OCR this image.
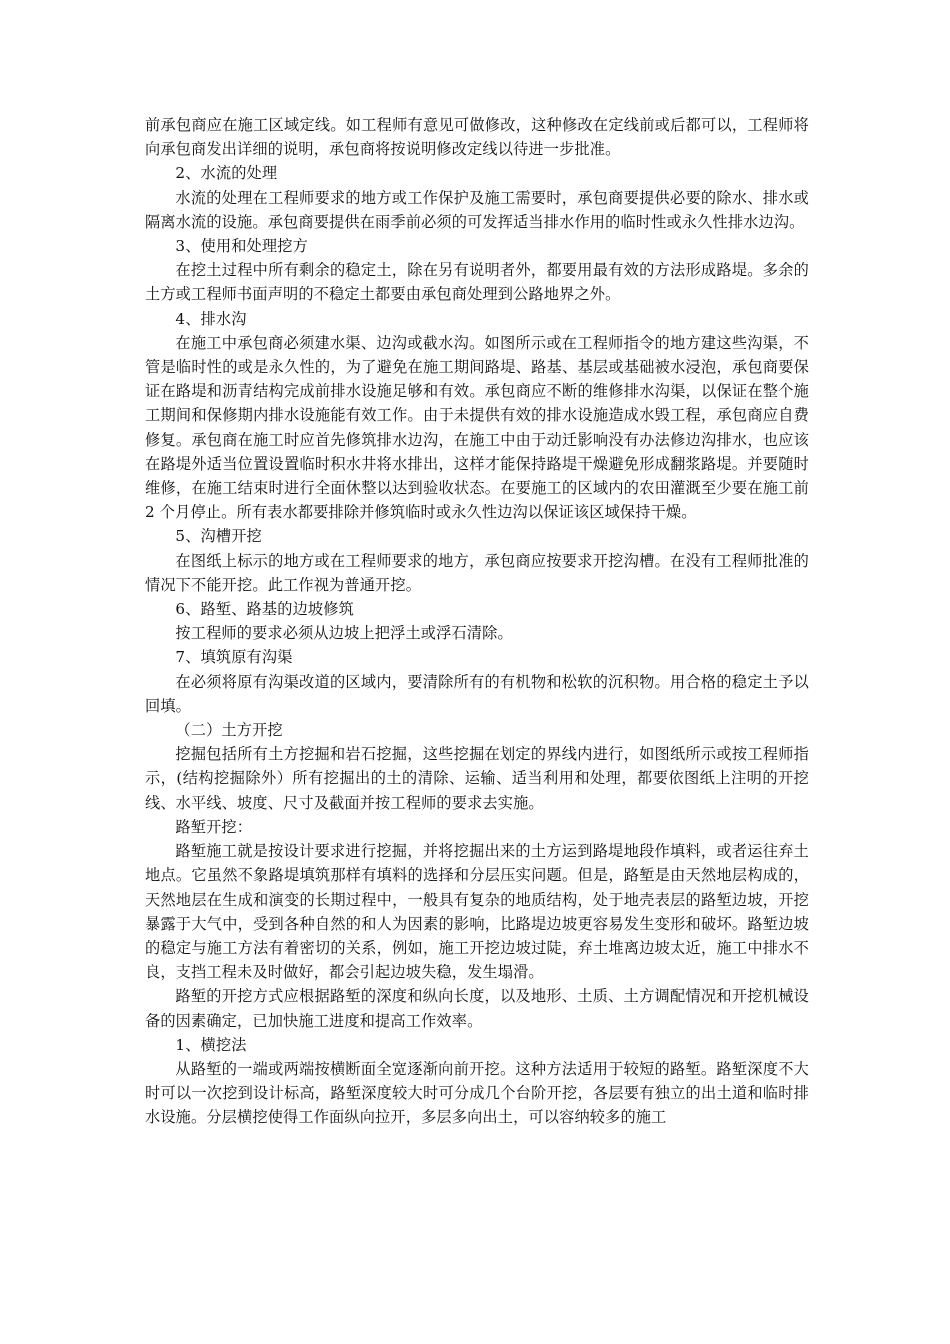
前承包商应在施工区域定线。如工程师有意见可做修改，这种修改在定线前或后都可以，工程师将向承包商发出详细的说明，承包商将按说明修改定线以待进一步批准。

2、水流的处理

水流的处理在工程师要求的地方或工作保护及施工需要时，承包商要提供必要的除水、排水或隔离水流的设施。承包商要提供在雨季前必须的可发挥适当排水作用的临时性或永久性排水边沟。

3、使用和处理挖方

在挖土过程中所有剩余的稳定土，除在另有说明者外，都要用最有效的方法形成路堤。多余的土方或工程师书面声明的不稳定土都要由承包商处理到公路地界之外。

4、排水沟

在施工中承包商必须建水渠、边沟或截水沟。如图所示或在工程师指令的地方建这些沟渠，不管是临时性的或是永久性的，为了避免在施工期间路堤、路基、基层或基础被水浸泡，承包商要保证在路堤和沥青结构完成前排水设施足够和有效。承包商应不断的维修排水沟渠，以保证在整个施工期间和保修期内排水设施能有效工作。由于未提供有效的排水设施造成水毁工程，承包商应自费修复。承包商在施工时应首先修筑排水边沟，在施工中由于动迁影响没有办法修边沟排水，也应该在路堤外适当位置设置临时积水井将水排出，这样才能保持路堤干燥避免形成翻浆路堤。并要随时维修，在施工结束时进行全面休整以达到验收状态。在要施工的区域内的农田灌溉至少要在施工前 2 个月停止。所有表水都要排除并修筑临时或永久性边沟以保证该区域保持干燥。

5、沟槽开挖

在图纸上标示的地方或在工程师要求的地方，承包商应按要求开挖沟槽。在没有工程师批准的情况下不能开挖。此工作视为普通开挖。

6、路堑、路基的边坡修筑

按工程师的要求必须从边坡上把浮土或浮石清除。

7、填筑原有沟渠

在必须将原有沟渠改道的区域内，要清除所有的有机物和松软的沉积物。用合格的稳定土予以回填。

（二）土方开挖

挖掘包括所有土方挖掘和岩石挖掘，这些挖掘在划定的界线内进行，如图纸所示或按工程师指示，(结构挖掘除外）所有挖掘出的土的清除、运输、适当利用和处理，都要依图纸上注明的开挖线、水平线、坡度、尺寸及截面并按工程师的要求去实施。

路堑开挖：

路堑施工就是按设计要求进行挖掘，并将挖掘出来的土方运到路堤地段作填料，或者运往弃土地点。它虽然不象路堤填筑那样有填料的选择和分层压实问题。但是，路堑是由天然地层构成的，天然地层在生成和演变的长期过程中，一般具有复杂的地质结构，处于地壳表层的路堑边坡，开挖暴露于大气中，受到各种自然的和人为因素的影响，比路堤边坡更容易发生变形和破坏。路堑边坡的稳定与施工方法有着密切的关系，例如，施工开挖边坡过陡，弃土堆离边坡太近，施工中排水不良，支挡工程未及时做好，都会引起边坡失稳，发生塌滑。

路堑的开挖方式应根据路堑的深度和纵向长度，以及地形、土质、土方调配情况和开挖机械设备的因素确定，已加快施工进度和提高工作效率。

1、横挖法

从路堑的一端或两端按横断面全宽逐渐向前开挖。这种方法适用于较短的路堑。路堑深度不大时可以一次挖到设计标高，路堑深度较大时可分成几个台阶开挖，各层要有独立的出土道和临时排水设施。分层横挖使得工作面纵向拉开，多层多向出土，可以容纳较多的施工
